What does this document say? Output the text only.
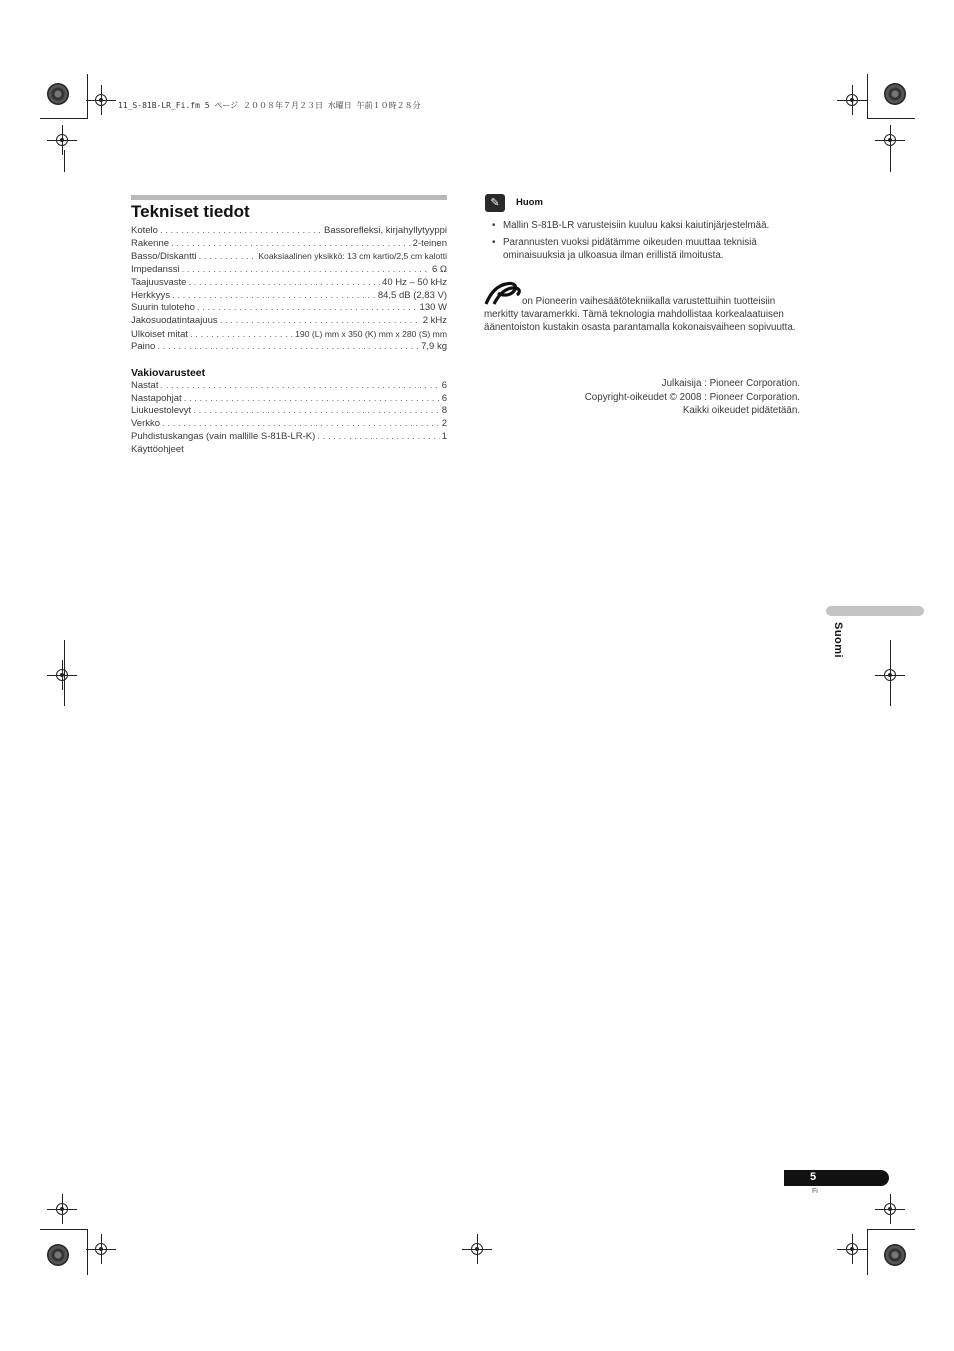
11_S-81B-LR_Fi.fm 5 ページ ２００８年７月２３日 水曜日 午前１０時２８分
Tekniset tiedot
Kotelo . . .	Bassorefleksi, kirjahyllytyyppi
Rakenne . . .	2-teinen
Basso/Diskantti . . .	Koaksiaalinen yksikkö: 13 cm kartio/2,5 cm kalotti
Impedanssi . . .	6 Ω
Taajuusvaste . . .	40 Hz – 50 kHz
Herkkyys . . .	84,5 dB (2,83 V)
Suurin tuloteho . . .	130 W
Jakosuodatintaajuus . . .	2 kHz
Ulkoiset mitat . . .	190 (L) mm x 350 (K) mm x 280 (S) mm
Paino . . .	7,9 kg
Vakiovarusteet
Nastat . . .	6
Nastapohjat . . .	6
Liukuestolevyt . . .	8
Verkko . . .	2
Puhdistuskangas (vain mallille S-81B-LR-K) . . .	1
Käyttöohjeet
✎	Huom
• Mallin S-81B-LR varusteisiin kuuluu kaksi kaiutinjärjestelmää.
• Parannusten vuoksi pidätämme oikeuden muuttaa teknisiä ominaisuuksia ja ulkoasua ilman erillistä ilmoitusta.
on Pioneerin vaihesäätötekniikalla varustettuihin tuotteisiin merkitty tavaramerkki. Tämä teknologia mahdollistaa korkealaatuisen äänentoiston kustakin osasta parantamalla kokonaisvaiheen sopivuutta.
Julkaisija : Pioneer Corporation.
Copyright-oikeudet © 2008 : Pioneer Corporation.
Kaikki oikeudet pidätetään.
Suomi
5
Fi
